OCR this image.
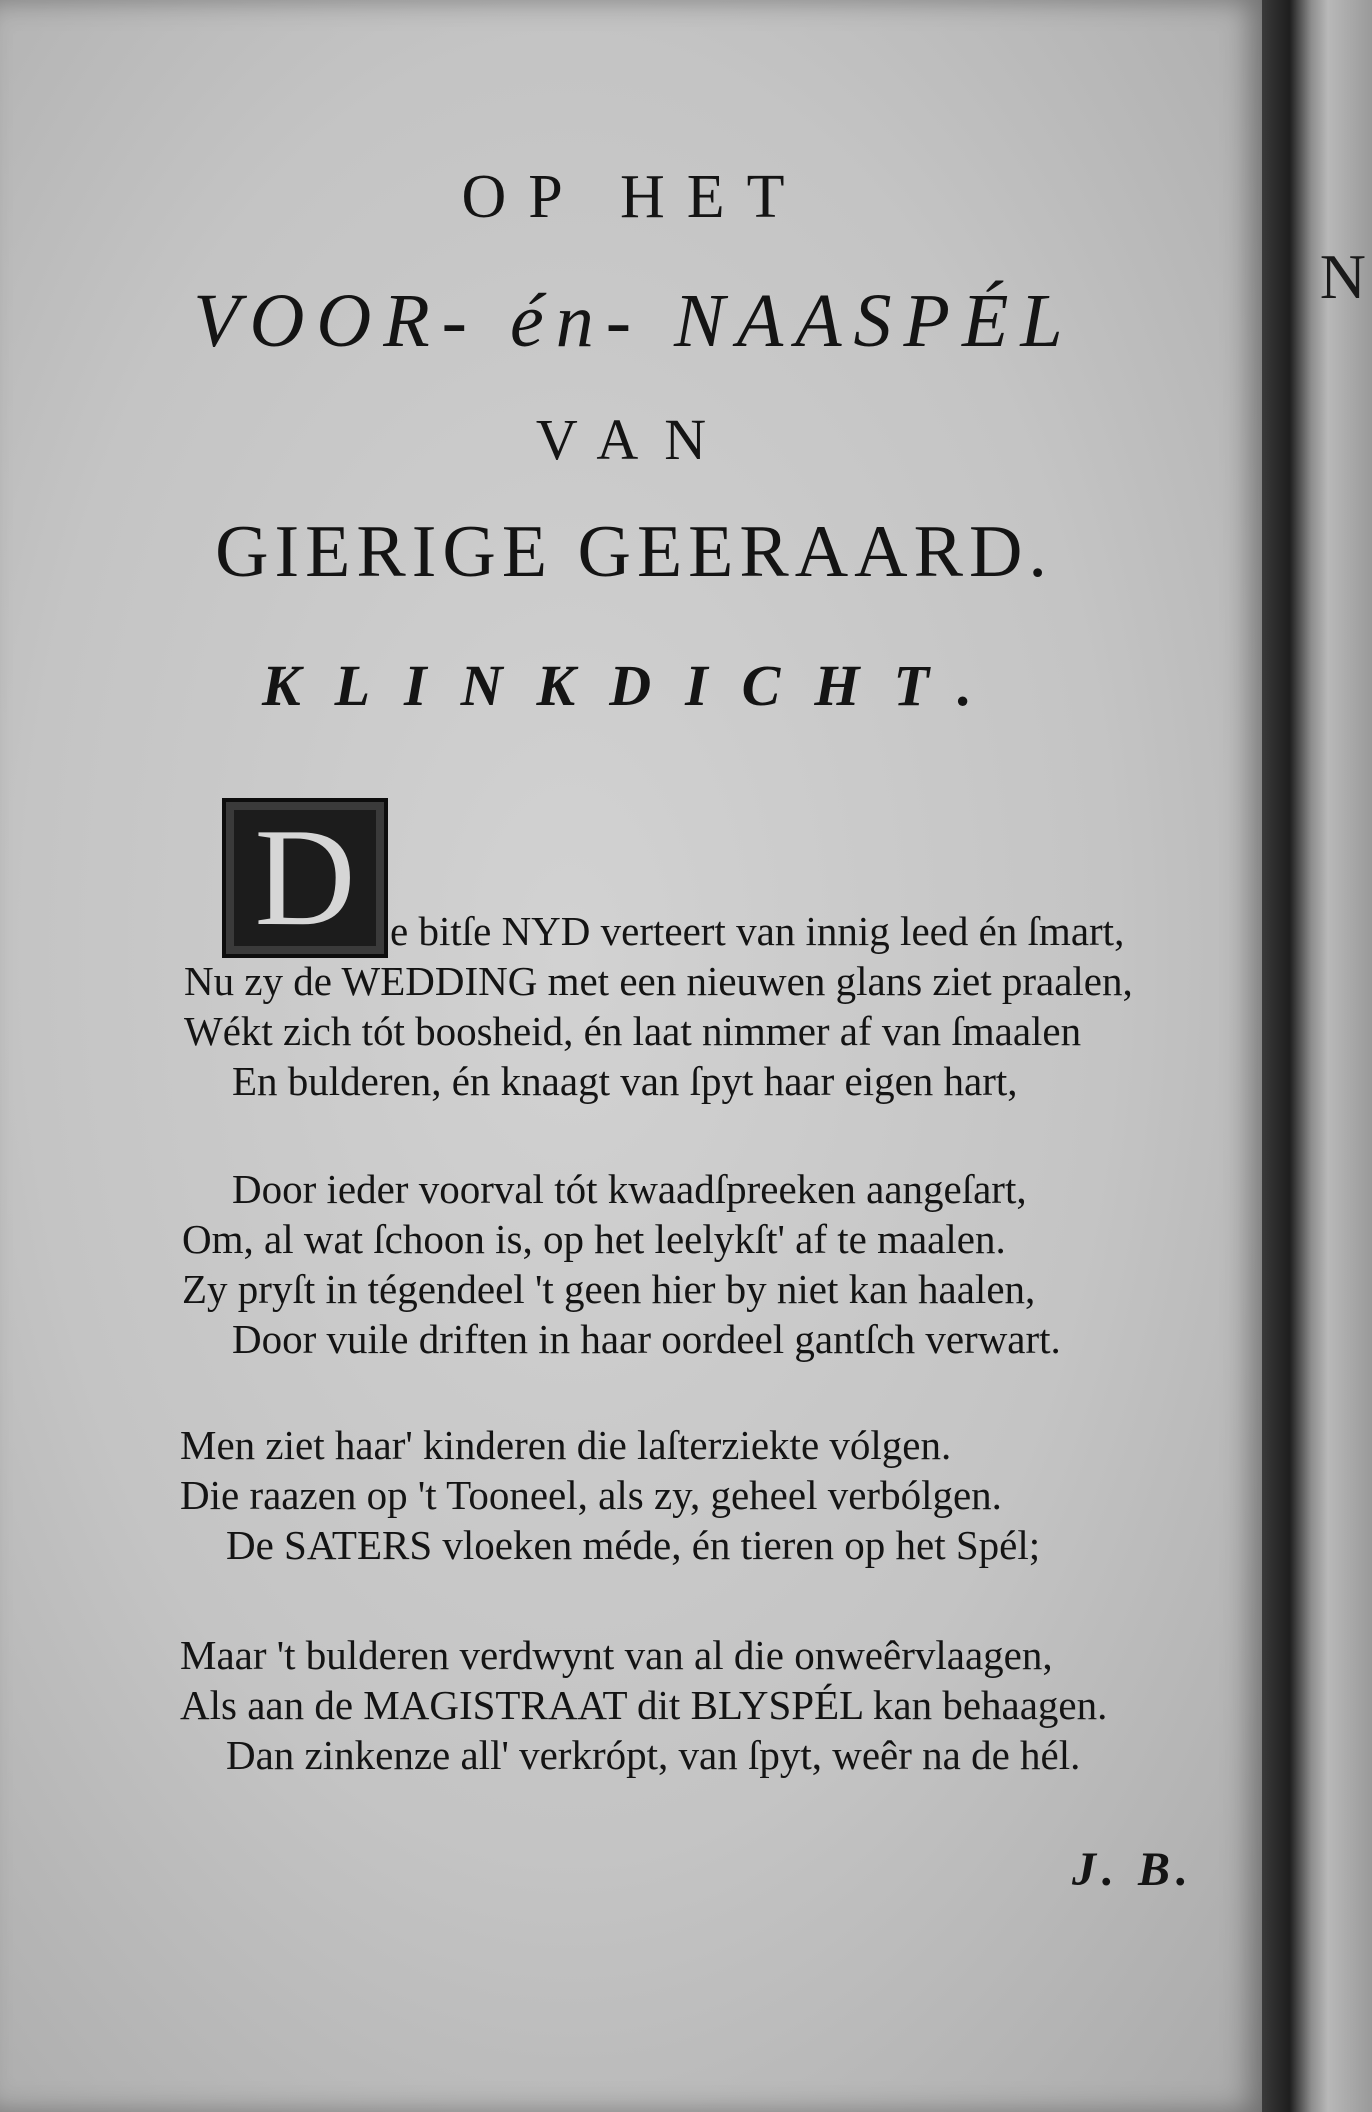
OP HET
VOOR- én- NAASPÉL
VAN
GIERIGE GEERAARD.
KLINKDICHT.
D e bitſe NYD verteert van innig leed én ſmart,
Nu zy de WEDDING met een nieuwen glans ziet praalen,
Wékt zich tót boosheid, én laat nimmer af van ſmaalen
En bulderen, én knaagt van ſpyt haar eigen hart,
Door ieder voorval tót kwaadſpreeken aangeſart,
Om, al wat ſchoon is, op het leelykſt' af te maalen.
Zy pryſt in tégendeel 't geen hier by niet kan haalen,
Door vuile driften in haar oordeel gantſch verwart.
Men ziet haar' kinderen die laſterziekte vólgen.
Die raazen op 't Tooneel, als zy, geheel verbólgen.
De SATERS vloeken méde, én tieren op het Spél;
Maar 't bulderen verdwynt van al die onweêrvlaagen,
Als aan de MAGISTRAAT dit BLYSPÉL kan behaagen.
Dan zinkenze all' verkrópt, van ſpyt, weêr na de hél.
J. B.
N
